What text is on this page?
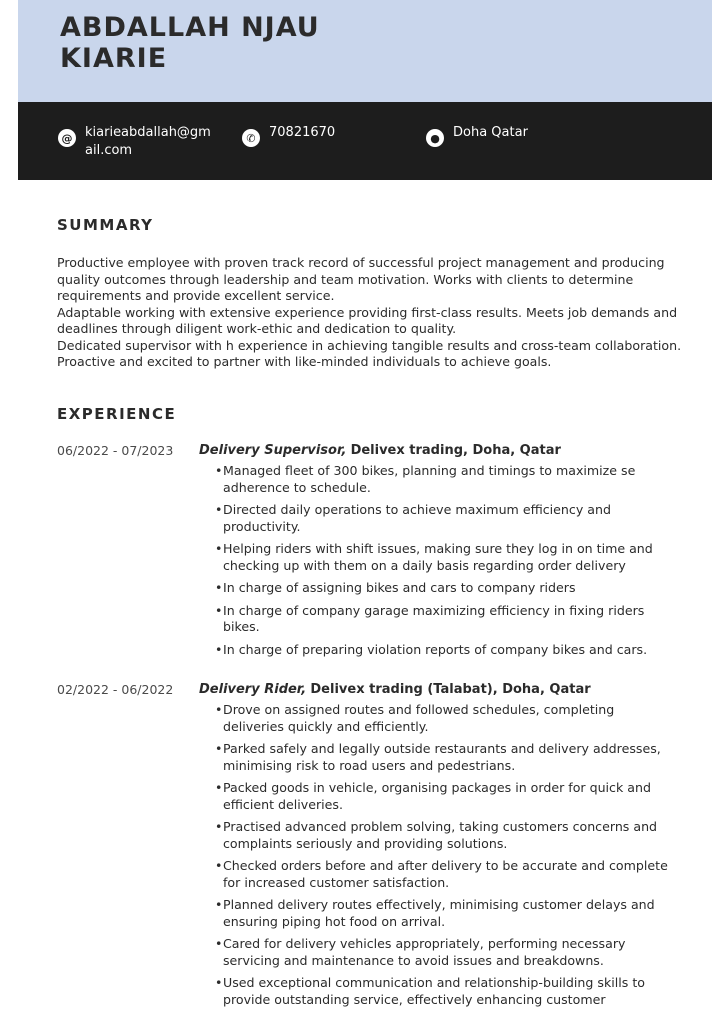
ABDALLAH NJAU
KIARIE
@ kiarieabdallah@gmail.com
✆	70821670	●	Doha Qatar
SUMMARY

Productive employee with proven track record of successful project management and producing quality outcomes through leadership and team motivation. Works with clients to determine requirements and provide excellent service.

Adaptable working with extensive experience providing first-class results. Meets job demands and deadlines through diligent work-ethic and dedication to quality.

Dedicated supervisor with h experience in achieving tangible results and cross-team collaboration. Proactive and excited to partner with like-minded individuals to achieve goals.

EXPERIENCE
06/2022 - 07/2023	Delivery Supervisor, Delivex trading, Doha, Qatar
• Managed fleet of 300 bikes, planning and timings to maximize se adherence to schedule.
• Directed daily operations to achieve maximum efficiency and productivity.
• Helping riders with shift issues, making sure they log in on time and checking up with them on a daily basis regarding order delivery
• In charge of assigning bikes and cars to company riders
• In charge of company garage maximizing efficiency in fixing riders bikes.
• In charge of preparing violation reports of company bikes and cars.
02/2022 - 06/2022	Delivery Rider, Delivex trading (Talabat), Doha, Qatar
• Drove on assigned routes and followed schedules, completing deliveries quickly and efficiently.
• Parked safely and legally outside restaurants and delivery addresses, minimising risk to road users and pedestrians.
• Packed goods in vehicle, organising packages in order for quick and efficient deliveries.
• Practised advanced problem solving, taking customers concerns and complaints seriously and providing solutions.
• Checked orders before and after delivery to be accurate and complete for increased customer satisfaction.
• Planned delivery routes effectively, minimising customer delays and ensuring piping hot food on arrival.
• Cared for delivery vehicles appropriately, performing necessary servicing and maintenance to avoid issues and breakdowns.
• Used exceptional communication and relationship-building skills to provide outstanding service, effectively enhancing customer
